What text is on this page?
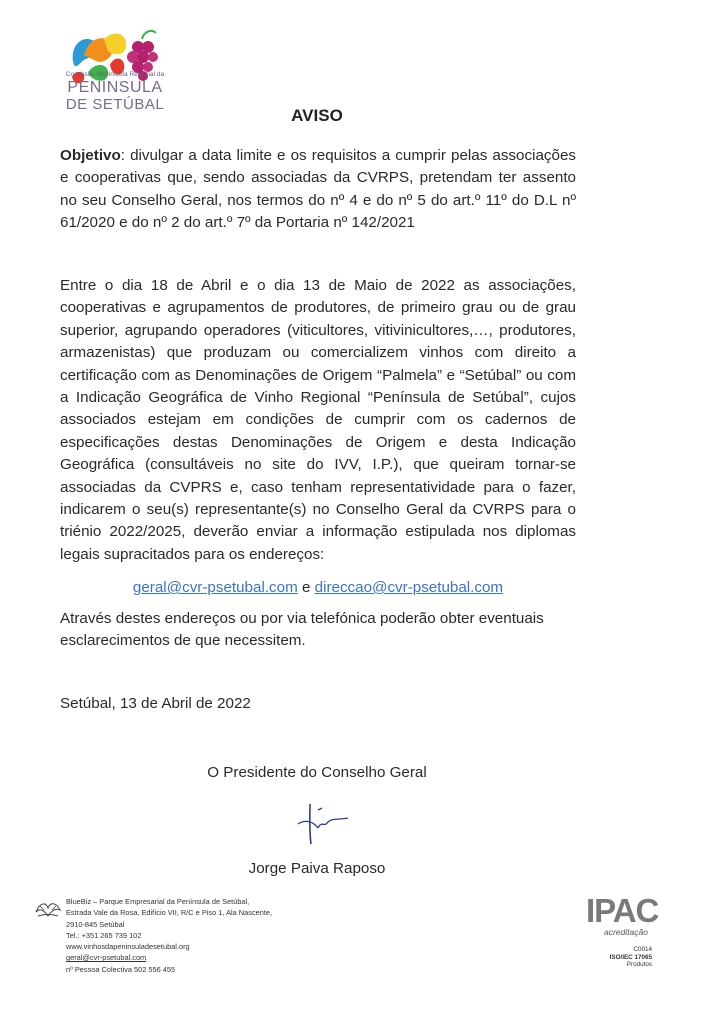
Comissão Vitivinícola Regional da
PENÍNSULA
DE SETÚBAL
AVISO
Objetivo: divulgar a data limite e os requisitos a cumprir pelas associações e cooperativas que, sendo associadas da CVRPS, pretendam ter assento no seu Conselho Geral, nos termos do nº 4 e do nº 5 do art.º 11º do D.L nº 61/2020 e do nº 2 do art.º 7º da Portaria nº 142/2021
Entre o dia 18 de Abril e o dia 13 de Maio de 2022 as associações, cooperativas e agrupamentos de produtores, de primeiro grau ou de grau superior, agrupando operadores (viticultores, vitivinicultores,…, produtores, armazenistas) que produzam ou comercializem vinhos com direito a certificação com as Denominações de Origem “Palmela” e “Setúbal” ou com a Indicação Geográfica de Vinho Regional “Península de Setúbal”, cujos associados estejam em condições de cumprir com os cadernos de especificações destas Denominações de Origem e desta Indicação Geográfica (consultáveis no site do IVV, I.P.), que queiram tornar-se associadas da CVPRS e, caso tenham representatividade para o fazer, indicarem o seu(s) representante(s) no Conselho Geral da CVRPS para o triénio 2022/2025, deverão enviar a informação estipulada nos diplomas legais supracitados para os endereços:
geral@cvr-psetubal.com e direccao@cvr-psetubal.com
Através destes endereços ou por via telefónica poderão obter eventuais esclarecimentos de que necessitem.
Setúbal, 13 de Abril de 2022
O Presidente do Conselho Geral
Jorge Paiva Raposo
BlueBiz – Parque Empresarial da Península de Setúbal,
Estrada Vale da Rosa, Edifício VII, R/C e Piso 1, Ala Nascente,
2910-845 Setúbal
Tel.: +351 265 739 102
www.vinhosdapeninsuladesetubal.org
geral@cvr-psetubal.com
nº Pessoa Colectiva 502 556 455
IPAC
acreditação
C0014
ISO/IEC 17065
Produtos
